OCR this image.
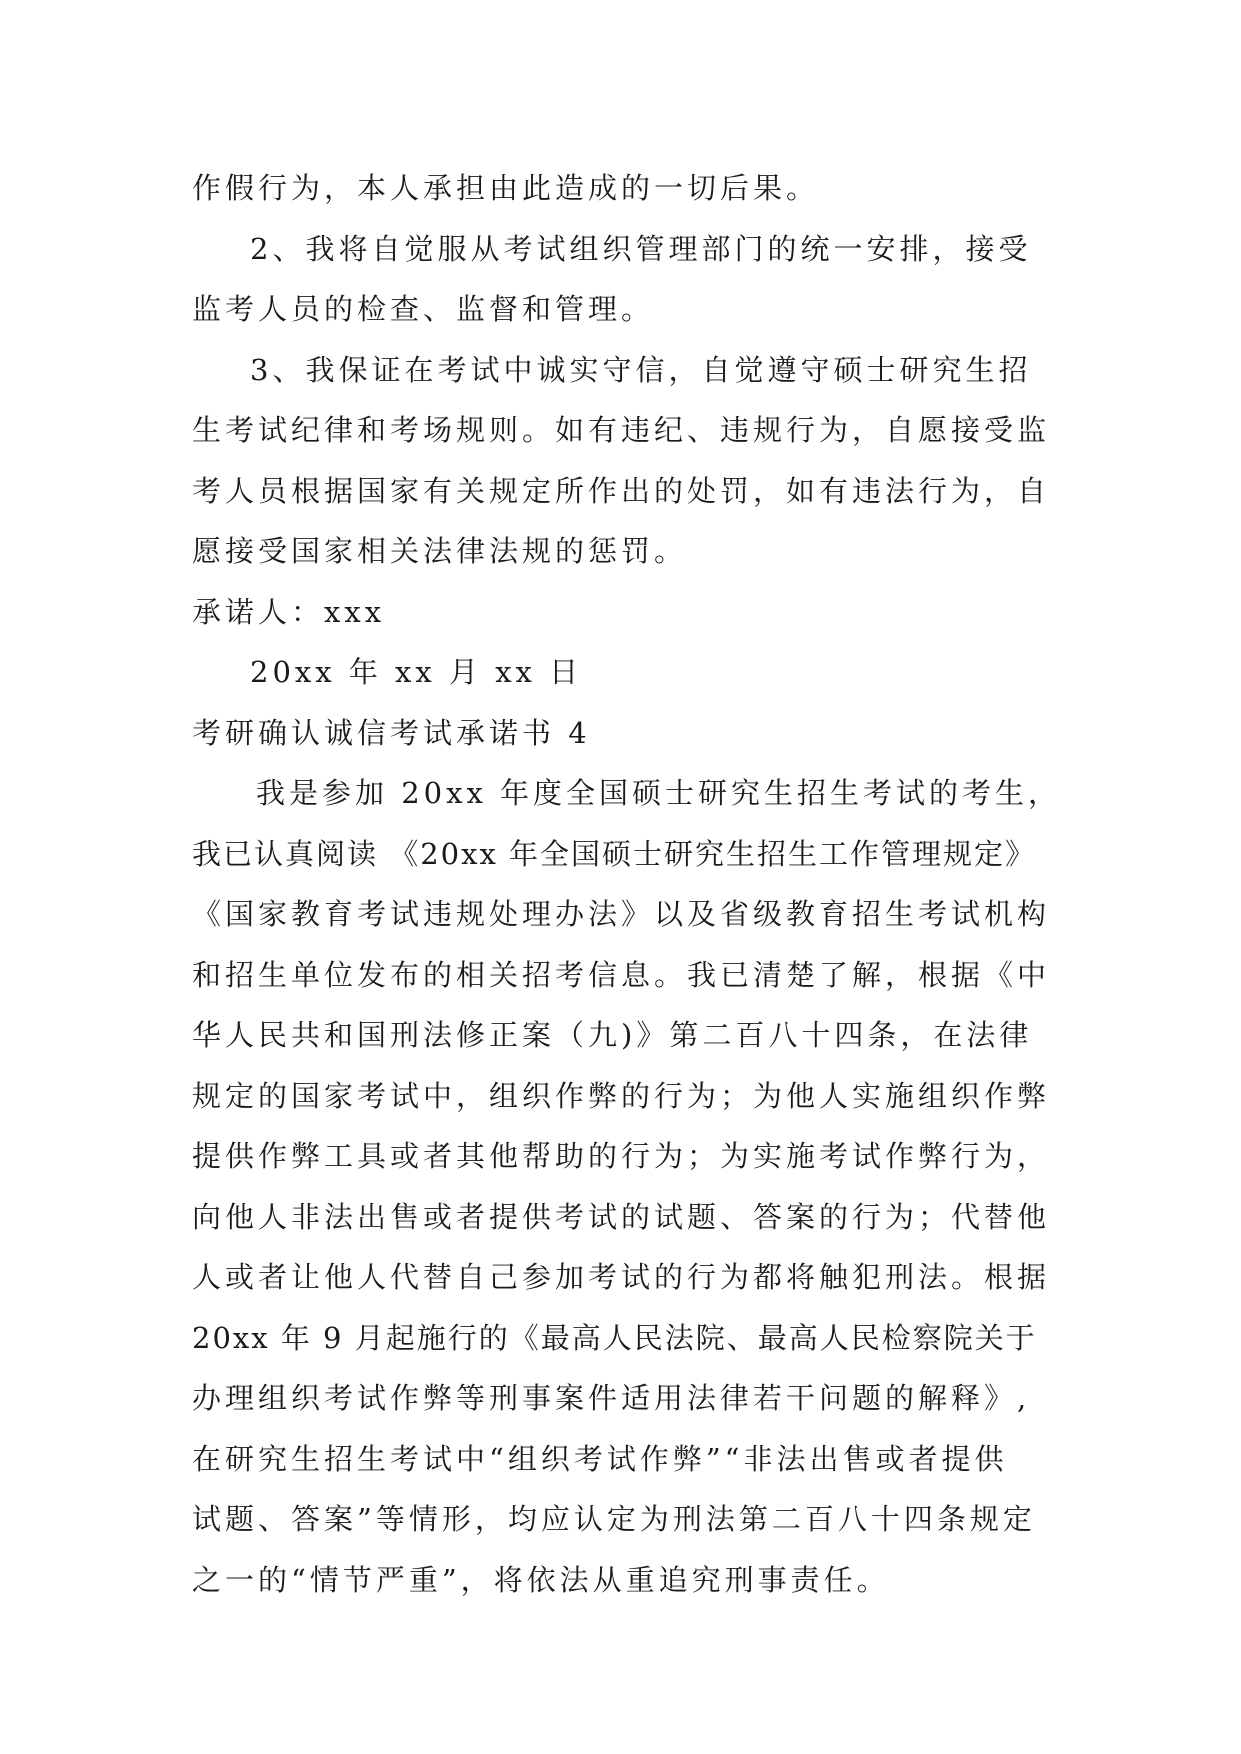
作假行为，本人承担由此造成的一切后果。
2、我将自觉服从考试组织管理部门的统一安排，接受
监考人员的检查、监督和管理。
3、我保证在考试中诚实守信，自觉遵守硕士研究生招
生考试纪律和考场规则。如有违纪、违规行为，自愿接受监
考人员根据国家有关规定所作出的处罚，如有违法行为，自
愿接受国家相关法律法规的惩罚。
承诺人：xxx
20xx 年 xx 月 xx 日
考研确认诚信考试承诺书 4
我是参加 20xx 年度全国硕士研究生招生考试的考生，
我已认真阅读 《20xx 年全国硕士研究生招生工作管理规定》
《国家教育考试违规处理办法》以及省级教育招生考试机构
和招生单位发布的相关招考信息。我已清楚了解，根据《中
华人民共和国刑法修正案（九)》第二百八十四条，在法律
规定的国家考试中，组织作弊的行为；为他人实施组织作弊
提供作弊工具或者其他帮助的行为；为实施考试作弊行为，
向他人非法出售或者提供考试的试题、答案的行为；代替他
人或者让他人代替自己参加考试的行为都将触犯刑法。根据
20xx 年 9 月起施行的《最高人民法院、最高人民检察院关于
办理组织考试作弊等刑事案件适用法律若干问题的解释》,
在研究生招生考试中“组织考试作弊”“非法出售或者提供
试题、答案”等情形，均应认定为刑法第二百八十四条规定
之一的“情节严重”，将依法从重追究刑事责任。
